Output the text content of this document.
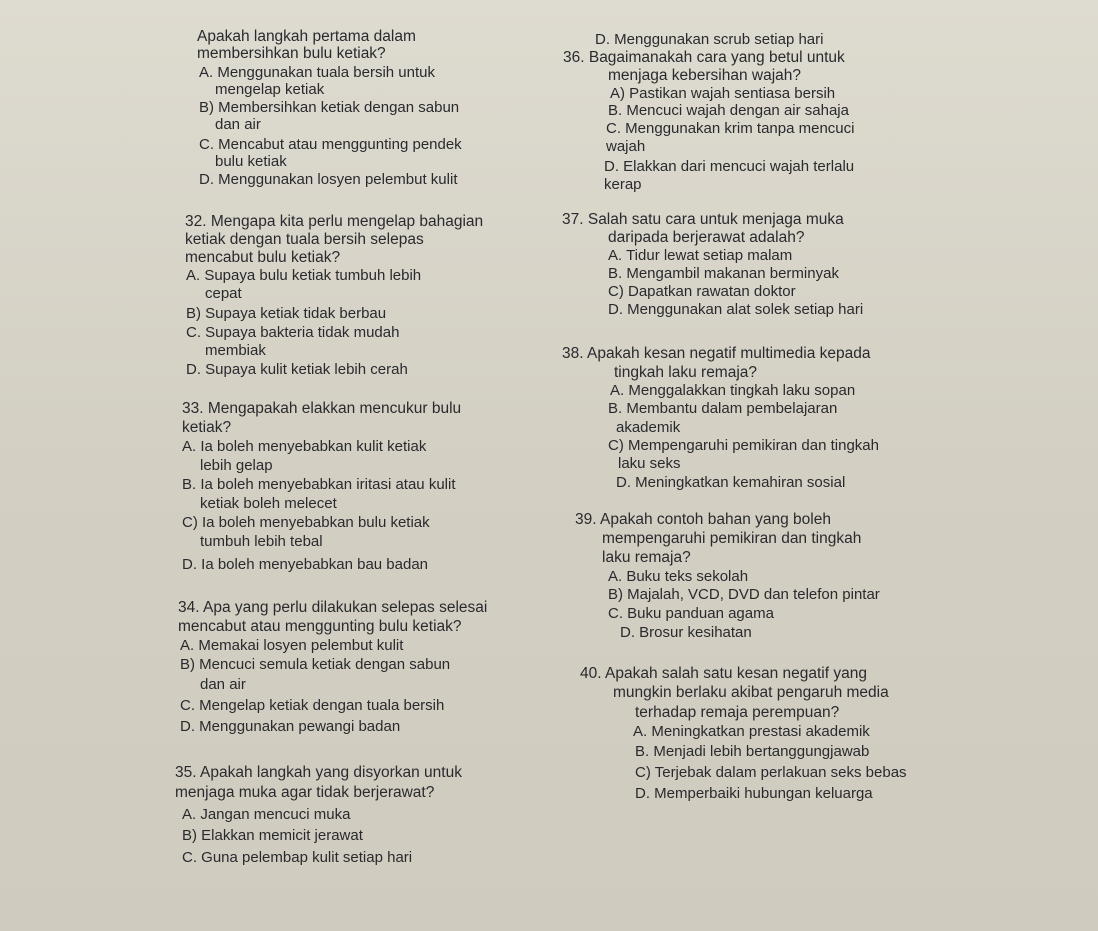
Apakah langkah pertama dalam
membersihkan bulu ketiak?
A. Menggunakan tuala bersih untuk
mengelap ketiak
B) Membersihkan ketiak dengan sabun
dan air
C. Mencabut atau menggunting pendek
bulu ketiak
D. Menggunakan losyen pelembut kulit
32. Mengapa kita perlu mengelap bahagian
ketiak dengan tuala bersih selepas
mencabut bulu ketiak?
A. Supaya bulu ketiak tumbuh lebih
cepat
B) Supaya ketiak tidak berbau
C. Supaya bakteria tidak mudah
membiak
D. Supaya kulit ketiak lebih cerah
33. Mengapakah elakkan mencukur bulu
ketiak?
A. Ia boleh menyebabkan kulit ketiak
lebih gelap
B. Ia boleh menyebabkan iritasi atau kulit
ketiak boleh melecet
C) Ia boleh menyebabkan bulu ketiak
tumbuh lebih tebal
D. Ia boleh menyebabkan bau badan
34. Apa yang perlu dilakukan selepas selesai
mencabut atau menggunting bulu ketiak?
A. Memakai losyen pelembut kulit
B) Mencuci semula ketiak dengan sabun
dan air
C. Mengelap ketiak dengan tuala bersih
D. Menggunakan pewangi badan
35. Apakah langkah yang disyorkan untuk
menjaga muka agar tidak berjerawat?
A. Jangan mencuci muka
B) Elakkan memicit jerawat
C. Guna pelembap kulit setiap hari
D. Menggunakan scrub setiap hari
36. Bagaimanakah cara yang betul untuk
menjaga kebersihan wajah?
A) Pastikan wajah sentiasa bersih
B. Mencuci wajah dengan air sahaja
C. Menggunakan krim tanpa mencuci
wajah
D. Elakkan dari mencuci wajah terlalu
kerap
37. Salah satu cara untuk menjaga muka
daripada berjerawat adalah?
A. Tidur lewat setiap malam
B. Mengambil makanan berminyak
C) Dapatkan rawatan doktor
D. Menggunakan alat solek setiap hari
38. Apakah kesan negatif multimedia kepada
tingkah laku remaja?
A. Menggalakkan tingkah laku sopan
B. Membantu dalam pembelajaran
akademik
C) Mempengaruhi pemikiran dan tingkah
laku seks
D. Meningkatkan kemahiran sosial
39. Apakah contoh bahan yang boleh
mempengaruhi pemikiran dan tingkah
laku remaja?
A. Buku teks sekolah
B) Majalah, VCD, DVD dan telefon pintar
C. Buku panduan agama
D. Brosur kesihatan
40. Apakah salah satu kesan negatif yang
mungkin berlaku akibat pengaruh media
terhadap remaja perempuan?
A. Meningkatkan prestasi akademik
B. Menjadi lebih bertanggungjawab
C) Terjebak dalam perlakuan seks bebas
D. Memperbaiki hubungan keluarga
